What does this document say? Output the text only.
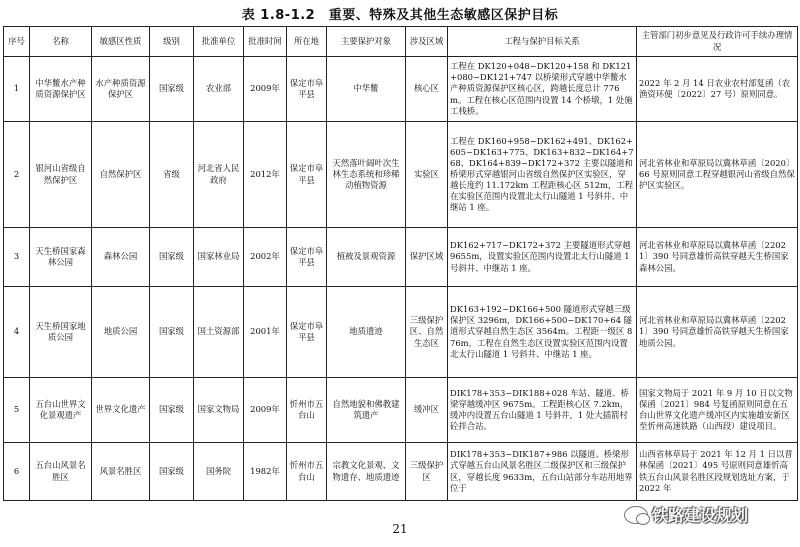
表 1.8-1.2　重要、特殊及其他生态敏感区保护目标
序号	名称	敏感区性质	级别	批准单位	批准时间	所在地	主要保护对象	涉及区域	工程与保护目标关系	主管部门初步意见及行政许可手续办理情况
1	中华鳖水产种质资源保护区	水产种质资源保护区	国家级	农业部	2009年	保定市阜平县	中华鳖	核心区	工程在 DK120+048~DK120+158 和 DK121+080~DK121+747 以桥梁形式穿越中华鳖水产种质资源保护区核心区，跨越长度总计 776m。工程在核心区范围内设置 14 个桥墩，1 处施工栈桥。	2022 年 2 月 14 日农业农村部复函（农渔资环便〔2022〕27 号）原则同意。
2	银河山省级自然保护区	自然保护区	省级	河北省人民政府	2012年	保定市阜平县	天然落叶阔叶次生林生态系统和珍稀动植物资源	实验区	工程在 DK160+958~DK162+491、DK162+605~DK163+775、DK163+832~DK164+768、DK164+839~DK172+372 主要以隧道和桥梁形式穿越银河山省级自然保护区实验区，穿越长度约 11.172km 工程距核心区 512m，工程在实验区范围内设置北太行山隧道 1 号斜井、中继站 1 座。	河北省林业和草原局以冀林草函〔2020〕66 号原则同意工程穿越银河山省级自然保护区实验区。
3	天生桥国家森林公园	森林公园	国家级	国家林业局	2002年	保定市阜平县	植被及景观资源	保护区域	DK162+717~DK172+372 主要隧道形式穿越 9655m，设置实验区范围内设置北太行山隧道 1 号斜井、中继站 1 座。	河北省林业和草原局以冀林草函〔22021〕390 号同意雄忻高铁穿越天生桥国家森林公园。
4	天生桥国家地质公园	地质公园	国家级	国土资源部	2001年	保定市阜平县	地质遗迹	三级保护区、自然生态区	DK163+192~DK166+500 隧道形式穿越三级保护区 3296m，DK166+500~DK170+64 隧道形式穿越自然生态区 3564m。工程距一级区 876m，工程在自然生态区设置实验区范围内设置北太行山隧道 1 号斜井、中继站 1 座。	河北省林业和草原局以冀林草函〔22021〕390 号同意雄忻高铁穿越天生桥国家地质公园。
5	五台山世界文化景观遗产	世界文化遗产	国家级	国家文物局	2009年	忻州市五台山	自然地貌和佛教建筑遗产	缓冲区	DIK178+353~DIK188+028 车站、隧道、桥梁穿越缓冲区 9675m。工程距核心区 7.2km，缓冲内设置五台山隧道 1 号斜井，1 处大插箭村砼拌合站。	国家文物局于 2021 年 9 月 10 日以文物保函〔2021〕984 号复函原则同意在五台山世界文化遗产缓冲区内实施雄安新区至忻州高速铁路（山西段）建设项目。
6	五台山风景名胜区	风景名胜区	国家级	国务院	1982年	忻州市五台山	宗教文化景观、文物遗存、地质遗迹	三级保护区	DIK178+353~DIK187+986 以隧道、桥梁形式穿越五台山风景名胜区二级保护区和三级保护区，穿越长度 9633m，五台山站部分车站用地界位于	山西省林草局于 2021 年 12 月 1 日以晋林保函〔2021〕495 号原则同意雄忻高铁五台山风景名胜区段规划选址方案，于 2022 年
21
铁路建设规划
